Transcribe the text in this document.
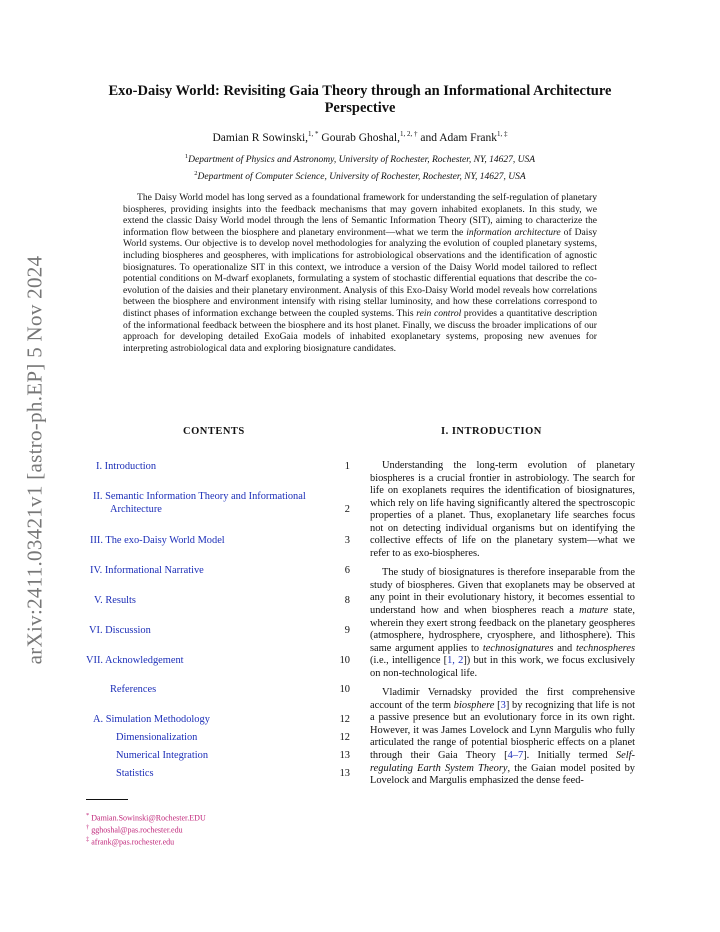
arXiv:2411.03421v1 [astro-ph.EP] 5 Nov 2024
Exo-Daisy World: Revisiting Gaia Theory through an Informational Architecture Perspective
Damian R Sowinski,$^{1, *}$ Gourab Ghoshal,$^{1, 2, \dagger}$ and Adam Frank$^{1, \ddagger}$
$^1$Department of Physics and Astronomy, University of Rochester, Rochester, NY, 14627, USA
$^2$Department of Computer Science, University of Rochester, Rochester, NY, 14627, USA
The Daisy World model has long served as a foundational framework for understanding the self-regulation of planetary biospheres, providing insights into the feedback mechanisms that may govern inhabited exoplanets. In this study, we extend the classic Daisy World model through the lens of Semantic Information Theory (SIT), aiming to characterize the information flow between the biosphere and planetary environment—what we term the information architecture of Daisy World systems. Our objective is to develop novel methodologies for analyzing the evolution of coupled planetary systems, including biospheres and geospheres, with implications for astrobiological observations and the identification of agnostic biosignatures. To operationalize SIT in this context, we introduce a version of the Daisy World model tailored to reflect potential conditions on M-dwarf exoplanets, formulating a system of stochastic differential equations that describe the co-evolution of the daisies and their planetary environment. Analysis of this Exo-Daisy World model reveals how correlations between the biosphere and environment intensify with rising stellar luminosity, and how these correlations correspond to distinct phases of information exchange between the coupled systems. This rein control provides a quantitative description of the informational feedback between the biosphere and its host planet. Finally, we discuss the broader implications of our approach for developing detailed ExoGaia models of inhabited exoplanetary systems, proposing new avenues for interpreting astrobiological data and exploring biosignature candidates.
CONTENTS
I. Introduction	1
II. Semantic Information Theory and Informational Architecture	2
III. The exo-Daisy World Model	3
IV. Informational Narrative	6
V. Results	8
VI. Discussion	9
VII. Acknowledgement	10
References	10
A. Simulation Methodology	12
Dimensionalization	12
Numerical Integration	13
Statistics	13
* Damian.Sowinski@Rochester.EDU
† gghoshal@pas.rochester.edu
‡ afrank@pas.rochester.edu
I. INTRODUCTION

Understanding the long-term evolution of planetary biospheres is a crucial frontier in astrobiology. The search for life on exoplanets requires the identification of biosignatures, which rely on life having significantly altered the spectroscopic properties of a planet. Thus, exoplanetary life searches focus not on detecting individual organisms but on identifying the collective effects of life on the planetary system—what we refer to as exo-biospheres.

The study of biosignatures is therefore inseparable from the study of biospheres. Given that exoplanets may be observed at any point in their evolutionary history, it becomes essential to understand how and when biospheres reach a mature state, wherein they exert strong feedback on the planetary geospheres (atmosphere, hydrosphere, cryosphere, and lithosphere). This same argument applies to technosignatures and technospheres (i.e., intelligence [1, 2]) but in this work, we focus exclusively on non-technological life.

Vladimir Vernadsky provided the first comprehensive account of the term biosphere [3] by recognizing that life is not a passive presence but an evolutionary force in its own right. However, it was James Lovelock and Lynn Margulis who fully articulated the range of potential biospheric effects on a planet through their Gaia Theory [4–7]. Initially termed Self-regulating Earth System Theory, the Gaian model posited by Lovelock and Margulis emphasized the dense feed-
